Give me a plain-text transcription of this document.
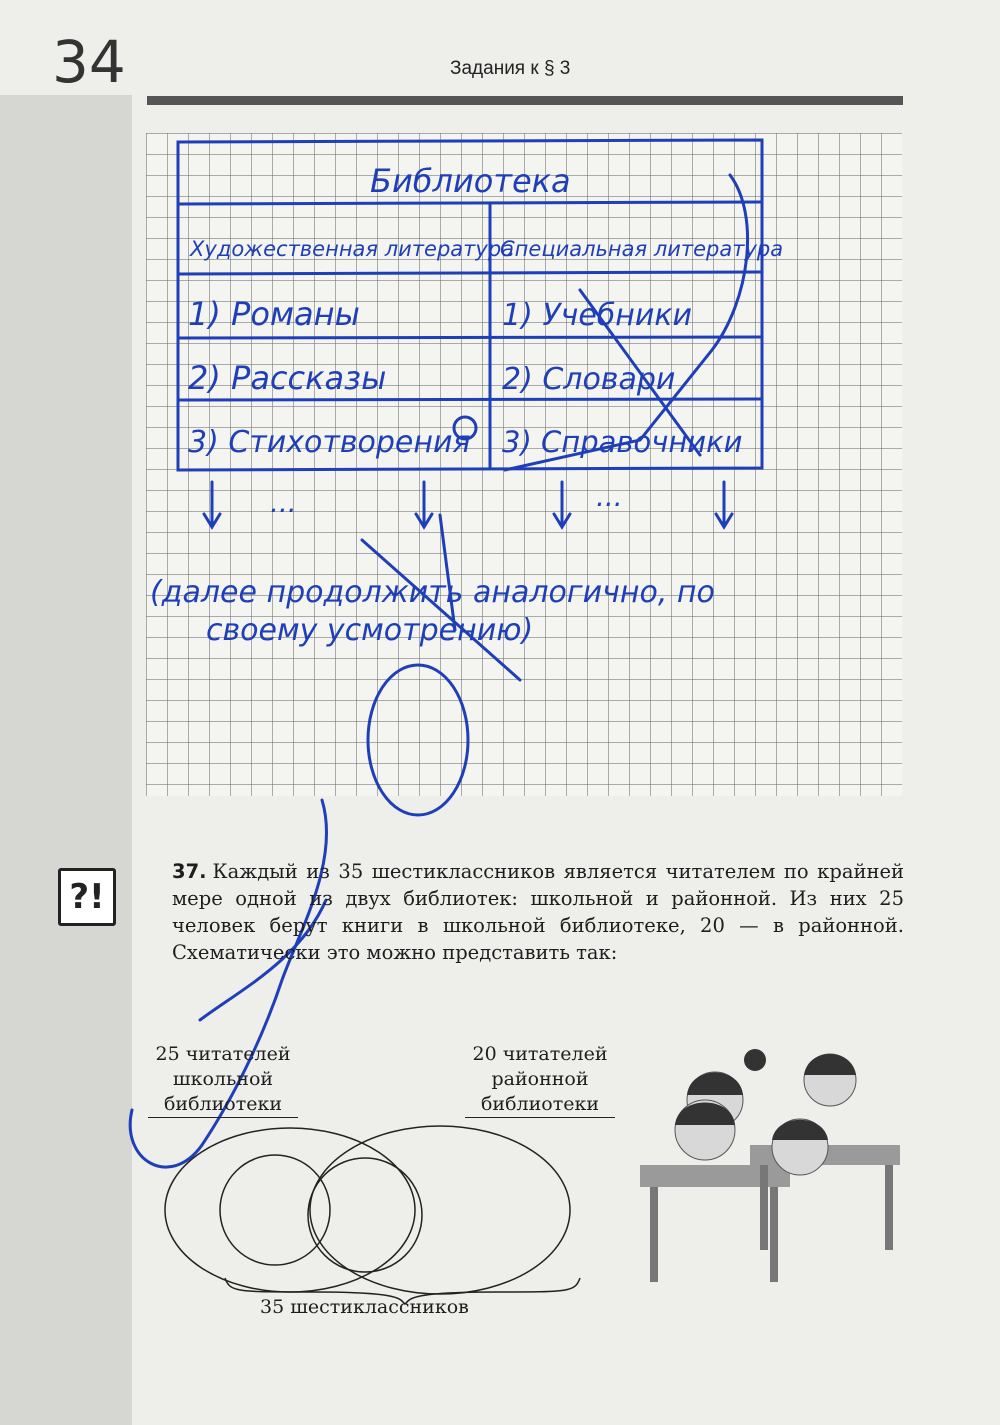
34	Задания к § 3
Библиотека
Художественная литература
Специальная литература
1) Романы	1) Учебники
2) Рассказы	2) Словари
3) Стихотворения 3) Справочники
...	...
(далее продолжить аналогично, по
своему усмотрению)
?!
37. Каждый из 35 шестиклассников является читателем по крайней мере одной из двух библиотек: школьной и районной. Из них 25 человек берут книги в школьной библиотеке, 20 — в районной. Схематически это можно представить так:
25 читателей
школьной
библиотеки
20 читателей
районной
библиотеки
35 шестиклассников
